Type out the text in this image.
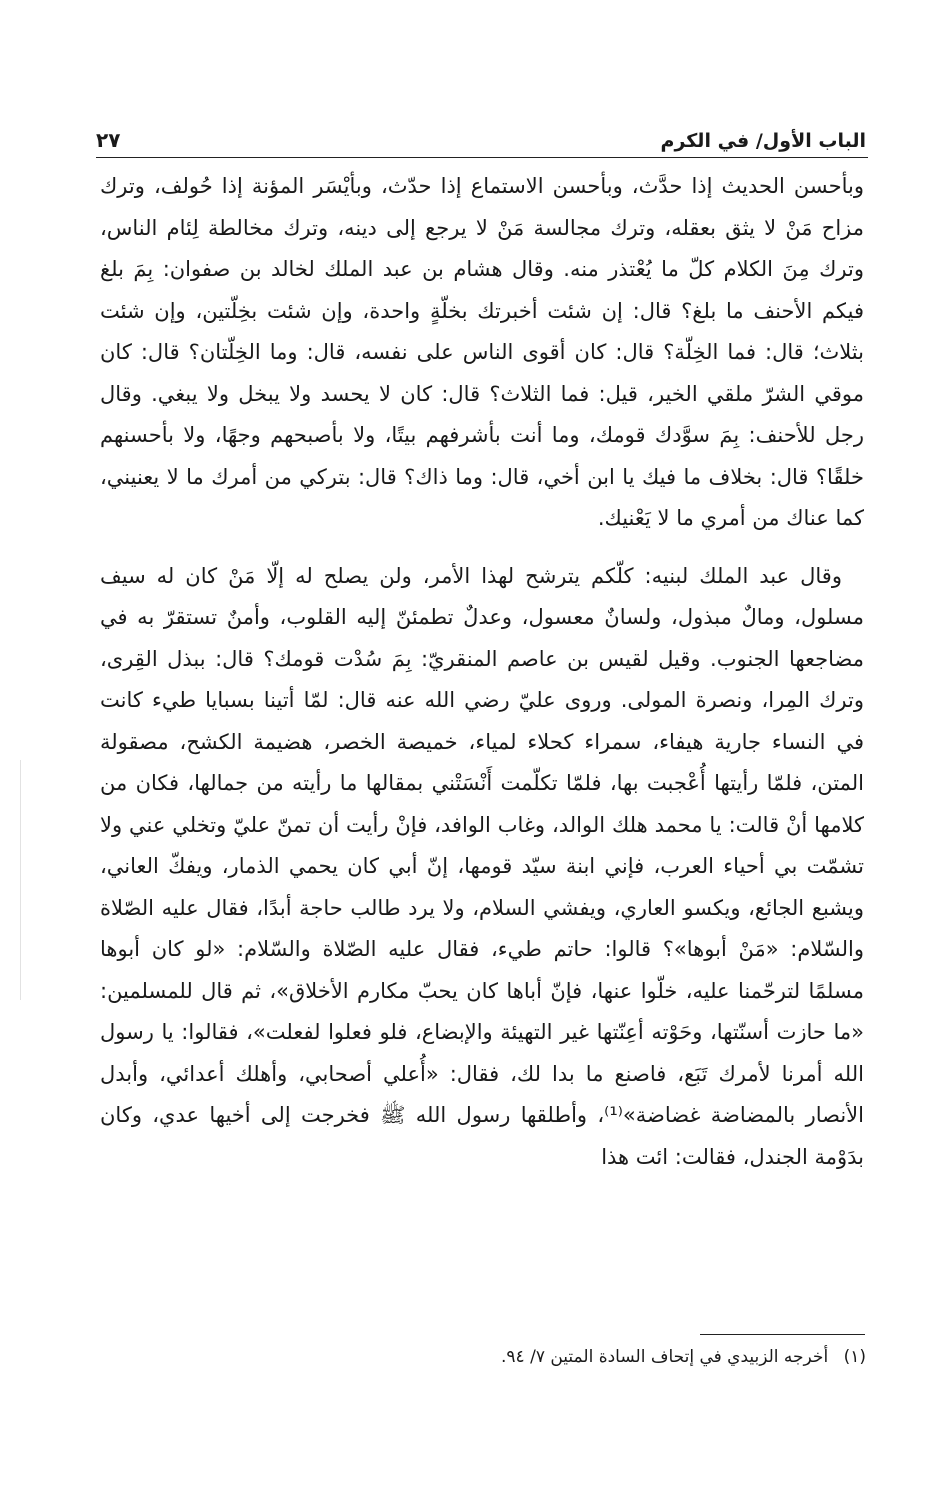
الباب الأول/ في الكرم
٢٧

وبأحسن الحديث إذا حدَّث، وبأحسن الاستماع إذا حدّث، وبأيْسَر المؤنة إذا حُولف، وترك مزاح مَنْ لا يثق بعقله، وترك مجالسة مَنْ لا يرجع إلى دينه، وترك مخالطة لِئام الناس، وترك مِنَ الكلام كلّ ما يُعْتذر منه. وقال هشام بن عبد الملك لخالد بن صفوان: بِمَ بلغ فيكم الأحنف ما بلغ؟ قال: إن شئت أخبرتك بخلّةٍ واحدة، وإن شئت بخِلّتين، وإن شئت بثلاث؛ قال: فما الخِلّة؟ قال: كان أقوى الناس على نفسه، قال: وما الخِلّتان؟ قال: كان موقي الشرّ ملقي الخير، قيل: فما الثلاث؟ قال: كان لا يحسد ولا يبخل ولا يبغي. وقال رجل للأحنف: بِمَ سوَّدك قومك، وما أنت بأشرفهم بيتًا، ولا بأصبحهم وجهًا، ولا بأحسنهم خلقًا؟ قال: بخلاف ما فيك يا ابن أخي، قال: وما ذاك؟ قال: بتركي من أمرك ما لا يعنيني، كما عناك من أمري ما لا يَعْنيك.

وقال عبد الملك لبنيه: كلّكم يترشح لهذا الأمر، ولن يصلح له إلّا مَنْ كان له سيف مسلول، ومالٌ مبذول، ولسانٌ معسول، وعدلٌ تطمئنّ إليه القلوب، وأمنٌ تستقرّ به في مضاجعها الجنوب. وقيل لقيس بن عاصم المنقريّ: بِمَ سُدْت قومك؟ قال: ببذل القِرى، وترك المِرا، ونصرة المولى. وروى عليّ رضي الله عنه قال: لمّا أتينا بسبايا طيء كانت في النساء جارية هيفاء، سمراء كحلاء لمياء، خميصة الخصر، هضيمة الكشح، مصقولة المتن، فلمّا رأيتها أُعْجبت بها، فلمّا تكلّمت أَنْسَتْني بمقالها ما رأيته من جمالها، فكان من كلامها أنْ قالت: يا محمد هلك الوالد، وغاب الوافد، فإنْ رأيت أن تمنّ عليّ وتخلي عني ولا تشمّت بي أحياء العرب، فإني ابنة سيّد قومها، إنّ أبي كان يحمي الذمار، ويفكّ العاني، ويشبع الجائع، ويكسو العاري، ويفشي السلام، ولا يرد طالب حاجة أبدًا، فقال عليه الصّلاة والسّلام: «مَنْ أبوها»؟ قالوا: حاتم طيء، فقال عليه الصّلاة والسّلام: «لو كان أبوها مسلمًا لترحّمنا عليه، خلّوا عنها، فإنّ أباها كان يحبّ مكارم الأخلاق»، ثم قال للمسلمين: «ما حازت أسنّتها، وحَوْته أعِنّتها غير التهيئة والإبضاع، فلو فعلوا لفعلت»، فقالوا: يا رسول الله أمرنا لأمرك تَبَع، فاصنع ما بدا لك، فقال: «أُعلي أصحابي، وأهلك أعدائي، وأبدل الأنصار بالمضاضة غضاضة»⁽¹⁾، وأطلقها رسول الله ﷺ فخرجت إلى أخيها عدي، وكان بدَوْمة الجندل، فقالت: ائت هذا

(١) أخرجه الزبيدي في إتحاف السادة المتين ٧/ ٩٤.
